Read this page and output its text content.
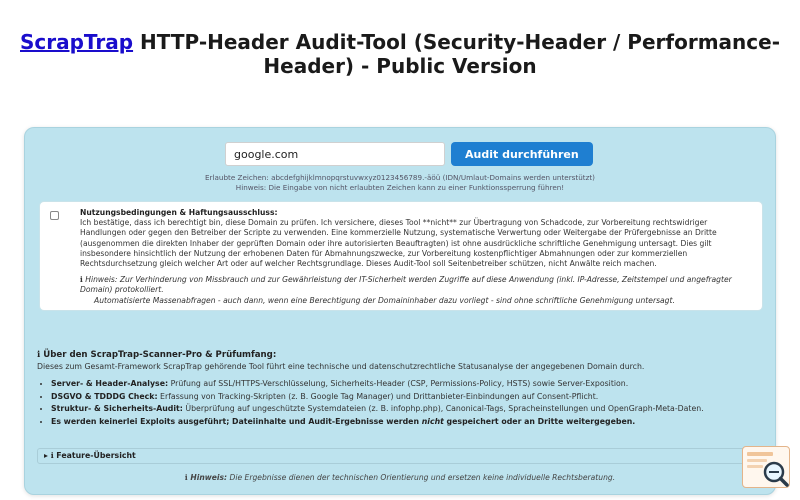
ScrapTrap HTTP-Header Audit-Tool (Security-Header / Performance-Header) - Public Version
google.com
Audit durchführen
Erlaubte Zeichen: abcdefghijklmnopqrstuvwxyz0123456789.-äöü (IDN/Umlaut-Domains werden unterstützt)
Hinweis: Die Eingabe von nicht erlaubten Zeichen kann zu einer Funktionssperrung führen!
Nutzungsbedingungen & Haftungsausschluss:
Ich bestätige, dass ich berechtigt bin, diese Domain zu prüfen. Ich versichere, dieses Tool **nicht** zur Übertragung von Schadcode, zur Vorbereitung rechtswidriger Handlungen oder gegen den Betreiber der Scripte zu verwenden. Eine kommerzielle Nutzung, systematische Verwertung oder Weitergabe der Prüfergebnisse an Dritte (ausgenommen die direkten Inhaber der geprüften Domain oder ihre autorisierten Beauftragten) ist ohne ausdrückliche schriftliche Genehmigung untersagt. Dies gilt insbesondere hinsichtlich der Nutzung der erhobenen Daten für Abmahnungszwecke, zur Vorbereitung kostenpflichtiger Abmahnungen oder zur kommerziellen Rechtsdurchsetzung gleich welcher Art oder auf welcher Rechtsgrundlage. Dieses Audit-Tool soll Seitenbetreiber schützen, nicht Anwälte reich machen.
ℹ Hinweis: Zur Verhinderung von Missbrauch und zur Gewährleistung der IT-Sicherheit werden Zugriffe auf diese Anwendung (inkl. IP-Adresse, Zeitstempel und angefragter Domain) protokolliert.
Automatisierte Massenabfragen - auch dann, wenn eine Berechtigung der Domaininhaber dazu vorliegt - sind ohne schriftliche Genehmigung untersagt.
ℹ Über den ScrapTrap-Scanner-Pro & Prüfumfang:
Dieses zum Gesamt-Framework ScrapTrap gehörende Tool führt eine technische und datenschutzrechtliche Statusanalyse der angegebenen Domain durch.
• Server- & Header-Analyse: Prüfung auf SSL/HTTPS-Verschlüsselung, Sicherheits-Header (CSP, Permissions-Policy, HSTS) sowie Server-Exposition.
• DSGVO & TDDDG Check: Erfassung von Tracking-Skripten (z. B. Google Tag Manager) und Drittanbieter-Einbindungen auf Consent-Pflicht.
• Struktur- & Sicherheits-Audit: Überprüfung auf ungeschützte Systemdateien (z. B. infophp.php), Canonical-Tags, Spracheinstellungen und OpenGraph-Meta-Daten.
• Es werden keinerlei Exploits ausgeführt; Dateiinhalte und Audit-Ergebnisse werden nicht gespeichert oder an Dritte weitergegeben.
▸ ℹ Feature-Übersicht
ℹ Hinweis: Die Ergebnisse dienen der technischen Orientierung und ersetzen keine individuelle Rechtsberatung.
